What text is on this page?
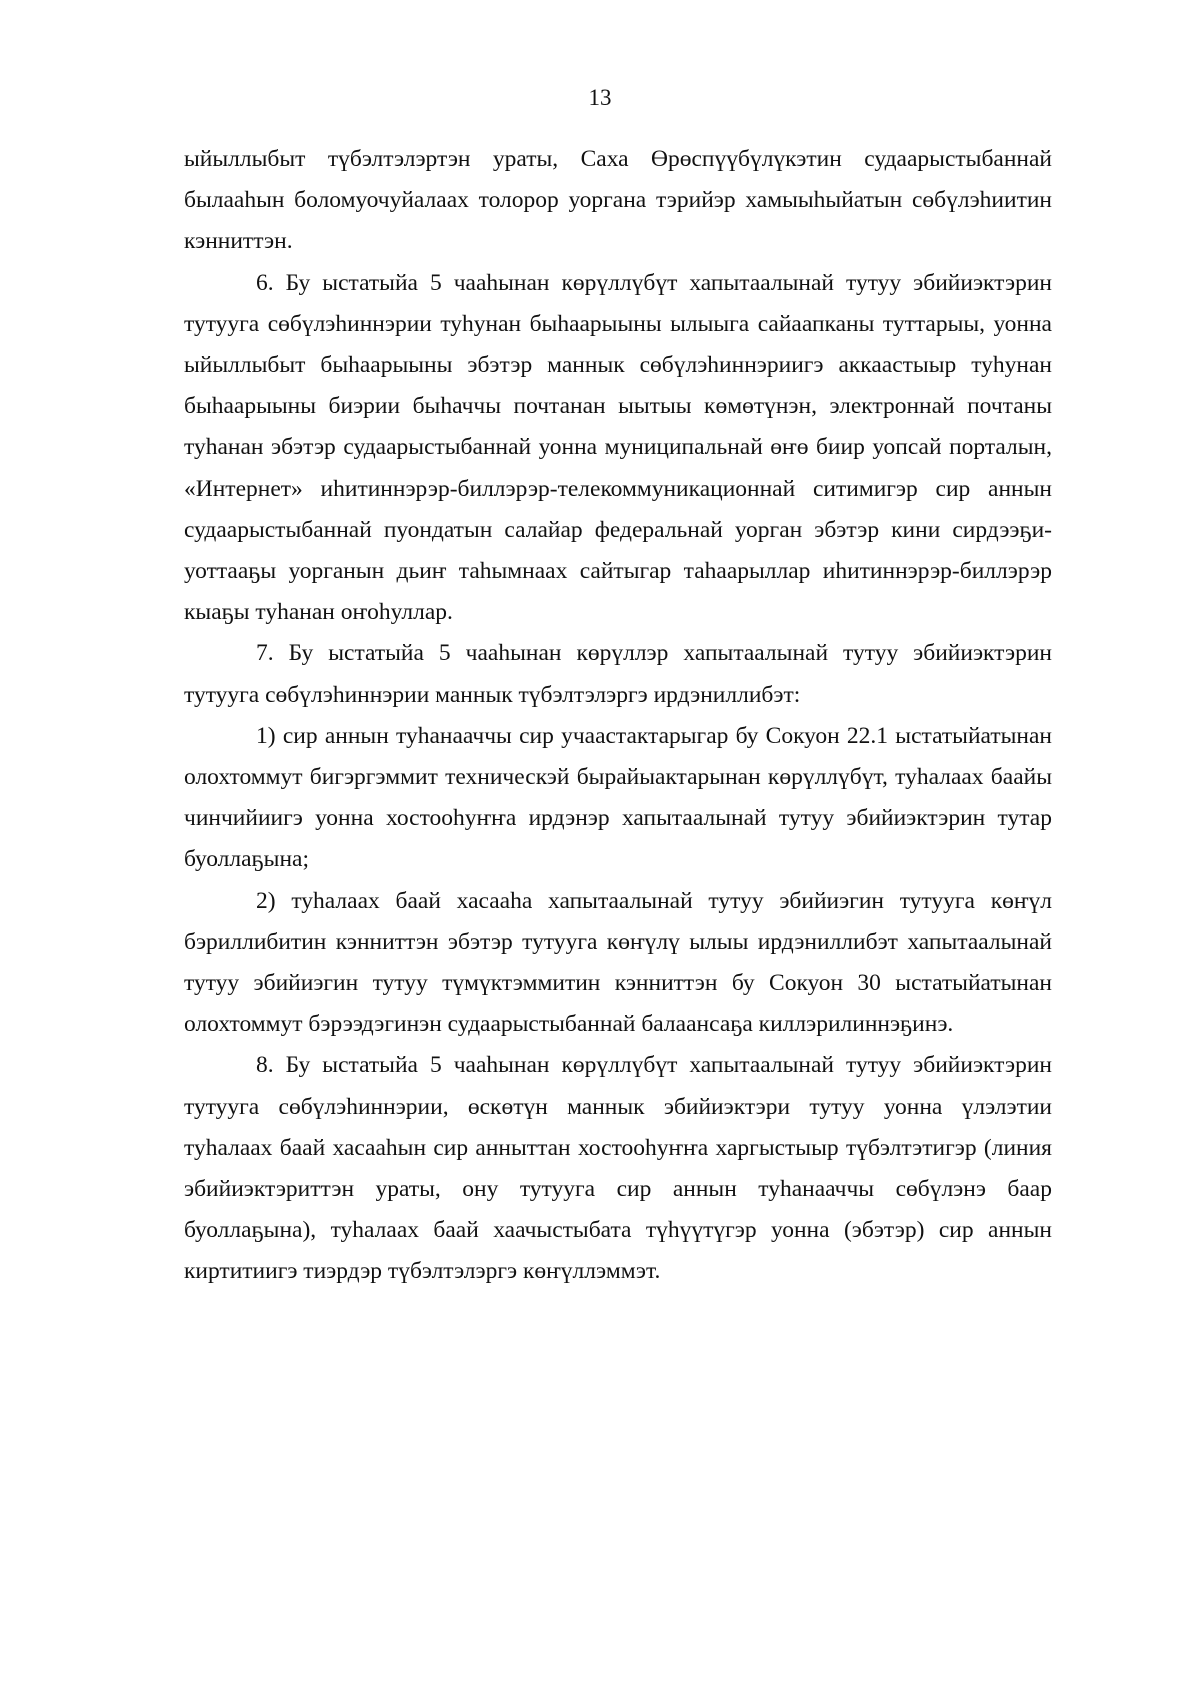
13

ыйыллыбыт түбэлтэлэртэн ураты, Саха Өрөспүүбүлүкэтин судаарыстыбаннай былааһын боломуочуйалаах толорор уоргана тэрийэр хамыыһыйатын сөбүлэһиитин кэнниттэн.

6. Бу ыстатыйа 5 чааһынан көрүллүбүт хапытаалынай тутуу эбийиэктэрин тутууга сөбүлэһиннэрии туһунан быһаарыыны ылыыга сайаапканы туттарыы, уонна ыйыллыбыт быһаарыыны эбэтэр маннык сөбүлэһиннэриигэ аккаастыыр туһунан быһаарыыны биэрии быһаччы почтанан ыытыы көмөтүнэн, электроннай почтаны туһанан эбэтэр судаарыстыбаннай уонна муниципальнай өҥө биир уопсай порталын, «Интернет» иһитиннэрэр-биллэрэр-телекоммуникационнай ситимигэр сир аннын судаарыстыбаннай пуондатын салайар федеральнай уорган эбэтэр кини сирдээҕи-уоттааҕы уорганын дьиҥ таһымнаах сайтыгар таһаарыллар иһитиннэрэр-биллэрэр кыаҕы туһанан оҥоһуллар.

7. Бу ыстатыйа 5 чааһынан көрүллэр хапытаалынай тутуу эбийиэктэрин тутууга сөбүлэһиннэрии маннык түбэлтэлэргэ ирдэниллибэт:

1) сир аннын туһанааччы сир учаастактарыгар бу Сокуон 22.1 ыстатыйатынан олохтоммут бигэргэммит техническэй бырайыактарынан көрүллүбүт, туһалаах баайы чинчийиигэ уонна хостооһуҥҥа ирдэнэр хапытаалынай тутуу эбийиэктэрин тутар буоллаҕына;

2) туһалаах баай хасааһа хапытаалынай тутуу эбийиэгин тутууга көҥүл бэриллибитин кэнниттэн эбэтэр тутууга көҥүлү ылыы ирдэниллибэт хапытаалынай тутуу эбийиэгин тутуу түмүктэммитин кэнниттэн бу Сокуон 30 ыстатыйатынан олохтоммут бэрээдэгинэн судаарыстыбаннай балаансаҕа киллэрилиннэҕинэ.

8. Бу ыстатыйа 5 чааһынан көрүллүбүт хапытаалынай тутуу эбийиэктэрин тутууга сөбүлэһиннэрии, өскөтүн маннык эбийиэктэри тутуу уонна үлэлэтии туһалаах баай хасааһын сир анныттан хостооһуҥҥа харгыстыыр түбэлтэтигэр (линия эбийиэктэриттэн ураты, ону тутууга сир аннын туһанааччы сөбүлэнэ баар буоллаҕына), туһалаах баай хаачыстыбата түһүүтүгэр уонна (эбэтэр) сир аннын киртитиигэ тиэрдэр түбэлтэлэргэ көҥүллэммэт.
